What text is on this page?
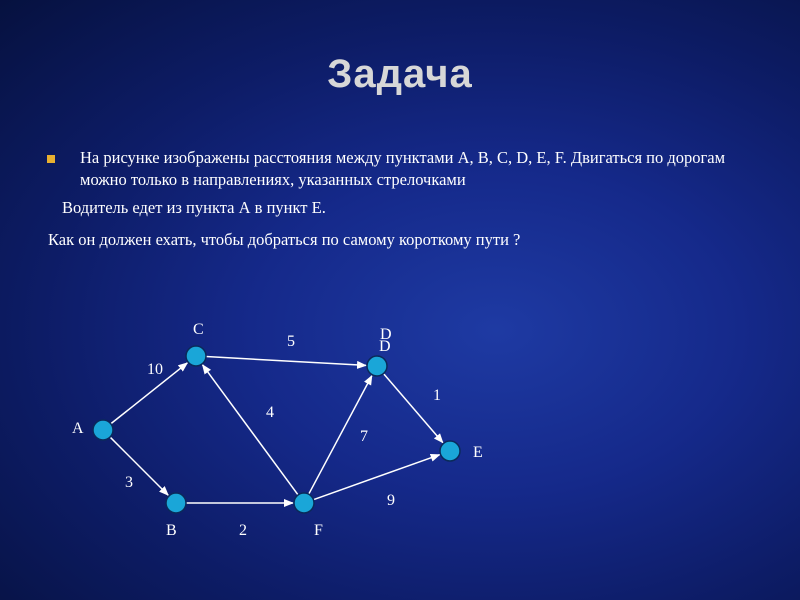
Задача
На рисунке изображены расстояния между пунктами A, B, C, D, E, F. Двигаться по дорогам можно только в направлениях, указанных стрелочками
Водитель едет из пункта А в пункт Е.
Как он должен ехать, чтобы добраться по самому короткому пути ?
10
3
2
4
5
7
1
9
A
B
C	D
E
F
D
